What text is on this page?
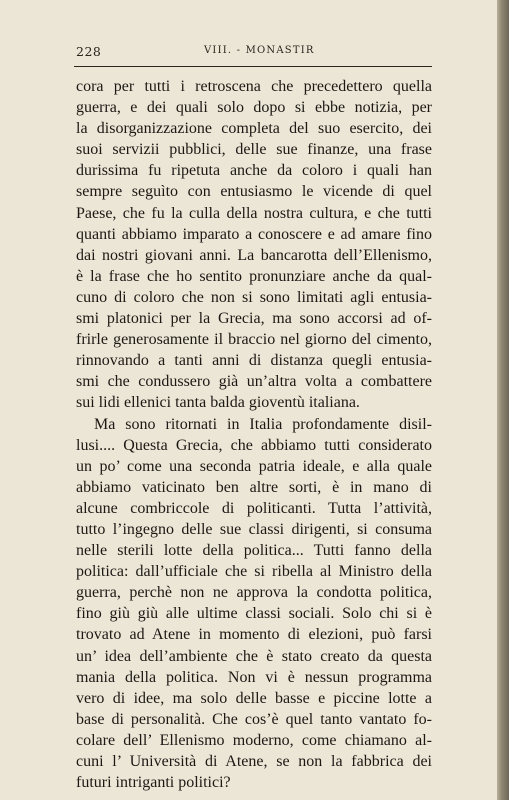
228	VIII. - MONASTIR
cora per tutti i retroscena che precedettero quella
guerra, e dei quali solo dopo si ebbe notizia, per
la disorganizzazione completa del suo esercito, dei
suoi servizii pubblici, delle sue finanze, una frase
durissima fu ripetuta anche da coloro i quali han
sempre seguìto con entusiasmo le vicende di quel
Paese, che fu la culla della nostra cultura, e che tutti
quanti abbiamo imparato a conoscere e ad amare fino
dai nostri giovani anni. La bancarotta dell’Ellenismo,
è la frase che ho sentito pronunziare anche da qual-
cuno di coloro che non si sono limitati agli entusia-
smi platonici per la Grecia, ma sono accorsi ad of-
frirle generosamente il braccio nel giorno del cimento,
rinnovando a tanti anni di distanza quegli entusia-
smi che condussero già un’altra volta a combattere
sui lidi ellenici tanta balda gioventù italiana.
Ma sono ritornati in Italia profondamente disil-
lusi.... Questa Grecia, che abbiamo tutti considerato
un po’ come una seconda patria ideale, e alla quale
abbiamo vaticinato ben altre sorti, è in mano di
alcune combriccole di politicanti. Tutta l’attività,
tutto l’ingegno delle sue classi dirigenti, si consuma
nelle sterili lotte della politica... Tutti fanno della
politica: dall’ufficiale che si ribella al Ministro della
guerra, perchè non ne approva la condotta politica,
fino giù giù alle ultime classi sociali. Solo chi si è
trovato ad Atene in momento di elezioni, può farsi
un’ idea dell’ambiente che è stato creato da questa
mania della politica. Non vi è nessun programma
vero di idee, ma solo delle basse e piccine lotte a
base di personalità. Che cos’è quel tanto vantato fo-
colare dell’ Ellenismo moderno, come chiamano al-
cuni l’ Università di Atene, se non la fabbrica dei
futuri intriganti politici?
